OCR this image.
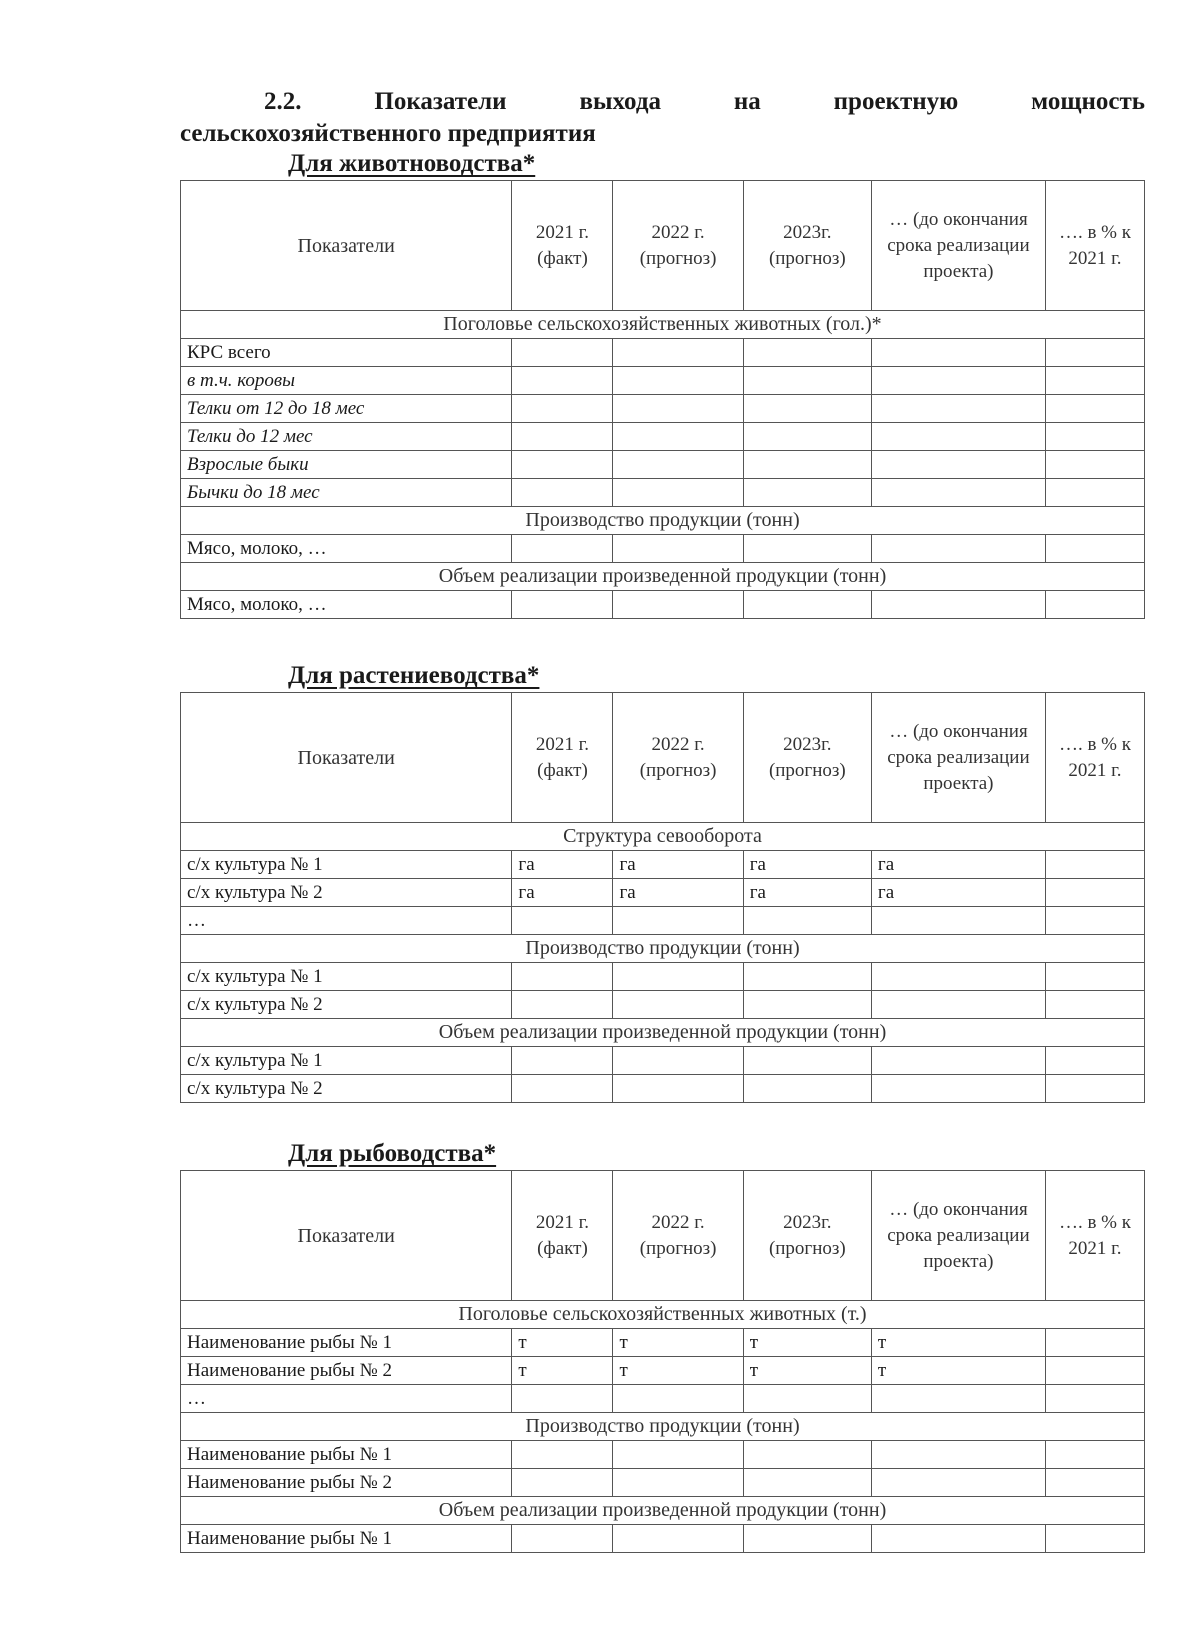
2.2.	Показатели	выхода	на	проектную	мощность
сельскохозяйственного предприятия
Для животноводства*
Показатели	2021 г. (факт)	2022 г. (прогноз)	2023г. (прогноз)	… (до окончания срока реализации проекта)	…. в % к 2021 г.
Поголовье сельскохозяйственных животных (гол.)*					
КРС всего					
в т.ч. коровы					
Телки от 12 до 18 мес					
Телки до 12 мес					
Взрослые быки					
Бычки до 18 мес					
Производство продукции (тонн)					
Мясо, молоко, …					
Объем реализации произведенной продукции (тонн)					
Мясо, молоко, …					
Для растениеводства*
Показатели	2021 г. (факт)	2022 г. (прогноз)	2023г. (прогноз)	… (до окончания срока реализации проекта)	…. в % к 2021 г.
Структура севооборота					
с/х культура № 1	га	га	га	га	
с/х культура № 2	га	га	га	га	
…					
Производство продукции (тонн)					
с/х культура № 1					
с/х культура № 2					
Объем реализации произведенной продукции (тонн)					
с/х культура № 1					
с/х культура № 2					
Для рыбоводства*
Показатели	2021 г. (факт)	2022 г. (прогноз)	2023г. (прогноз)	… (до окончания срока реализации проекта)	…. в % к 2021 г.
Поголовье сельскохозяйственных животных (т.)					
Наименование рыбы № 1	т	т	т	т	
Наименование рыбы № 2	т	т	т	т	
…					
Производство продукции (тонн)					
Наименование рыбы № 1					
Наименование рыбы № 2					
Объем реализации произведенной продукции (тонн)					
Наименование рыбы № 1					
